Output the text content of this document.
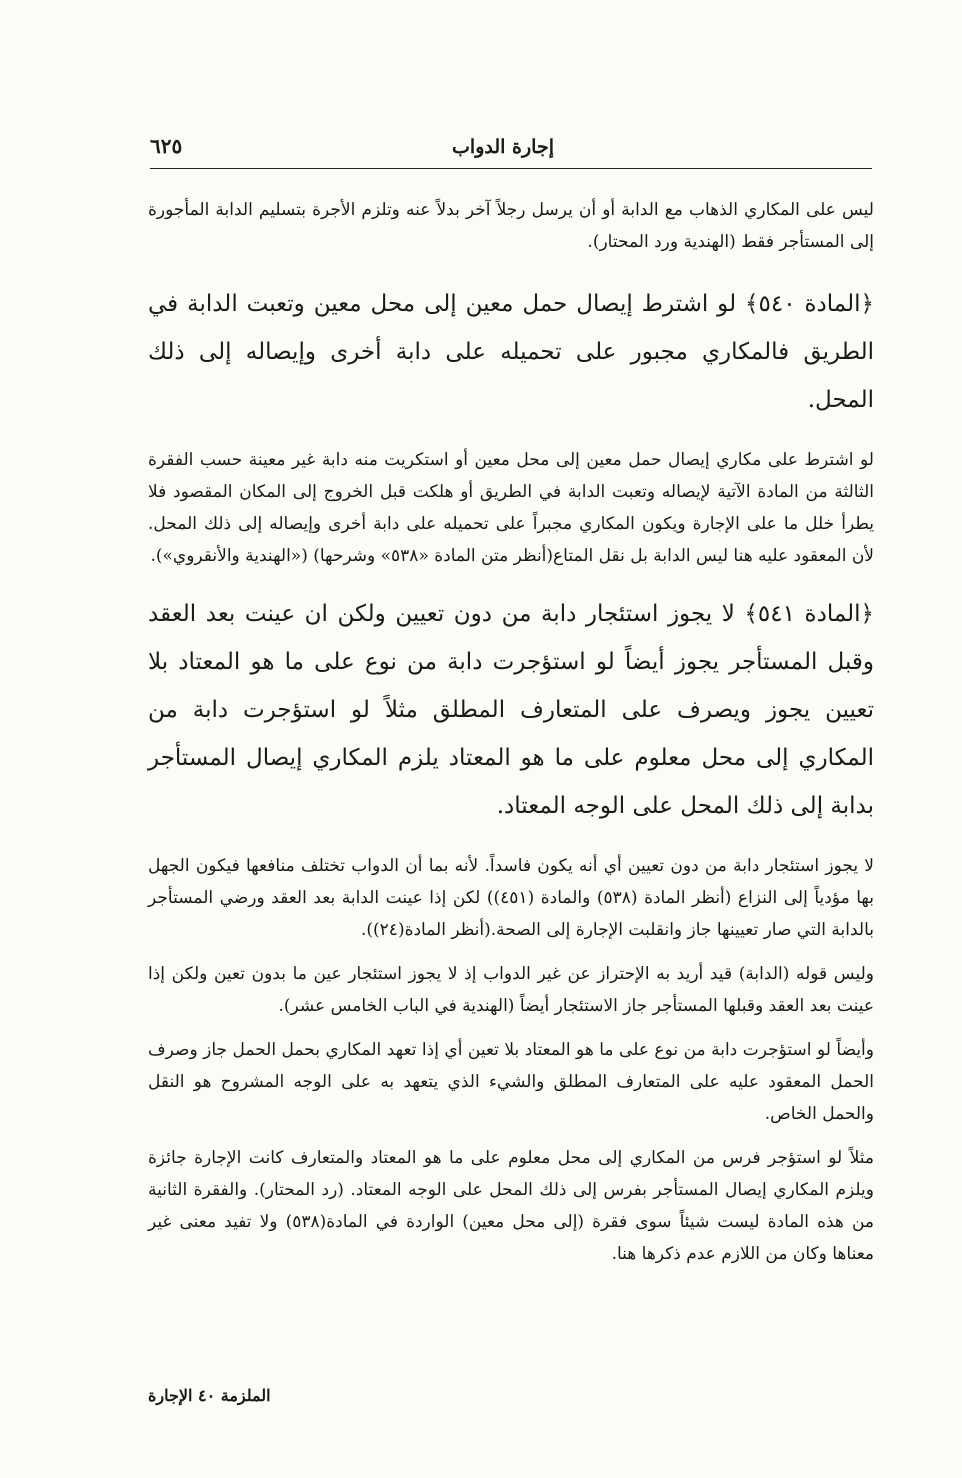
إجارة الدواب
٦٢٥

ليس على المكاري الذهاب مع الدابة أو أن يرسل رجلاً آخر بدلاً عنه وتلزم الأجرة بتسليم الدابة المأجورة إلى المستأجر فقط (الهندية ورد المحتار).

﴿المادة ٥٤٠﴾ لو اشترط إيصال حمل معين إلى محل معين وتعبت الدابة في الطريق فالمكاري مجبور على تحميله على دابة أخرى وإيصاله إلى ذلك المحل.

لو اشترط على مكاري إيصال حمل معين إلى محل معين أو استكريت منه دابة غير معينة حسب الفقرة الثالثة من المادة الآتية لإيصاله وتعبت الدابة في الطريق أو هلكت قبل الخروج إلى المكان المقصود فلا يطرأ خلل ما على الإجارة ويكون المكاري مجبراً على تحميله على دابة أخرى وإيصاله إلى ذلك المحل. لأن المعقود عليه هنا ليس الدابة بل نقل المتاع(أنظر متن المادة «٥٣٨» وشرحها) («الهندية والأنقروي»).

﴿المادة ٥٤١﴾ لا يجوز استئجار دابة من دون تعيين ولكن ان عينت بعد العقد وقبل المستأجر يجوز أيضاً لو استؤجرت دابة من نوع على ما هو المعتاد بلا تعيين يجوز ويصرف على المتعارف المطلق مثلاً لو استؤجرت دابة من المكاري إلى محل معلوم على ما هو المعتاد يلزم المكاري إيصال المستأجر بدابة إلى ذلك المحل على الوجه المعتاد.

لا يجوز استئجار دابة من دون تعيين أي أنه يكون فاسداً. لأنه بما أن الدواب تختلف منافعها فيكون الجهل بها مؤدياً إلى النزاع (أنظر المادة (٥٣٨) والمادة (٤٥١)) لكن إذا عينت الدابة بعد العقد ورضي المستأجر بالدابة التي صار تعيينها جاز وانقلبت الإجارة إلى الصحة.(أنظر المادة(٢٤)).

وليس قوله (الدابة) قيد أريد به الإحتراز عن غير الدواب إذ لا يجوز استئجار عين ما بدون تعين ولكن إذا عينت بعد العقد وقبلها المستأجر جاز الاستئجار أيضاً (الهندية في الباب الخامس عشر).

وأيضاً لو استؤجرت دابة من نوع على ما هو المعتاد بلا تعين أي إذا تعهد المكاري بحمل الحمل جاز وصرف الحمل المعقود عليه على المتعارف المطلق والشيء الذي يتعهد به على الوجه المشروح هو النقل والحمل الخاص.

مثلاً لو استؤجر فرس من المكاري إلى محل معلوم على ما هو المعتاد والمتعارف كانت الإجارة جائزة ويلزم المكاري إيصال المستأجر بفرس إلى ذلك المحل على الوجه المعتاد. (رد المحتار). والفقرة الثانية من هذه المادة ليست شيئاً سوى فقرة (إلى محل معين) الواردة في المادة(٥٣٨) ولا تفيد معنى غير معناها وكان من اللازم عدم ذكرها هنا.

الملزمة ٤٠ الإجارة
